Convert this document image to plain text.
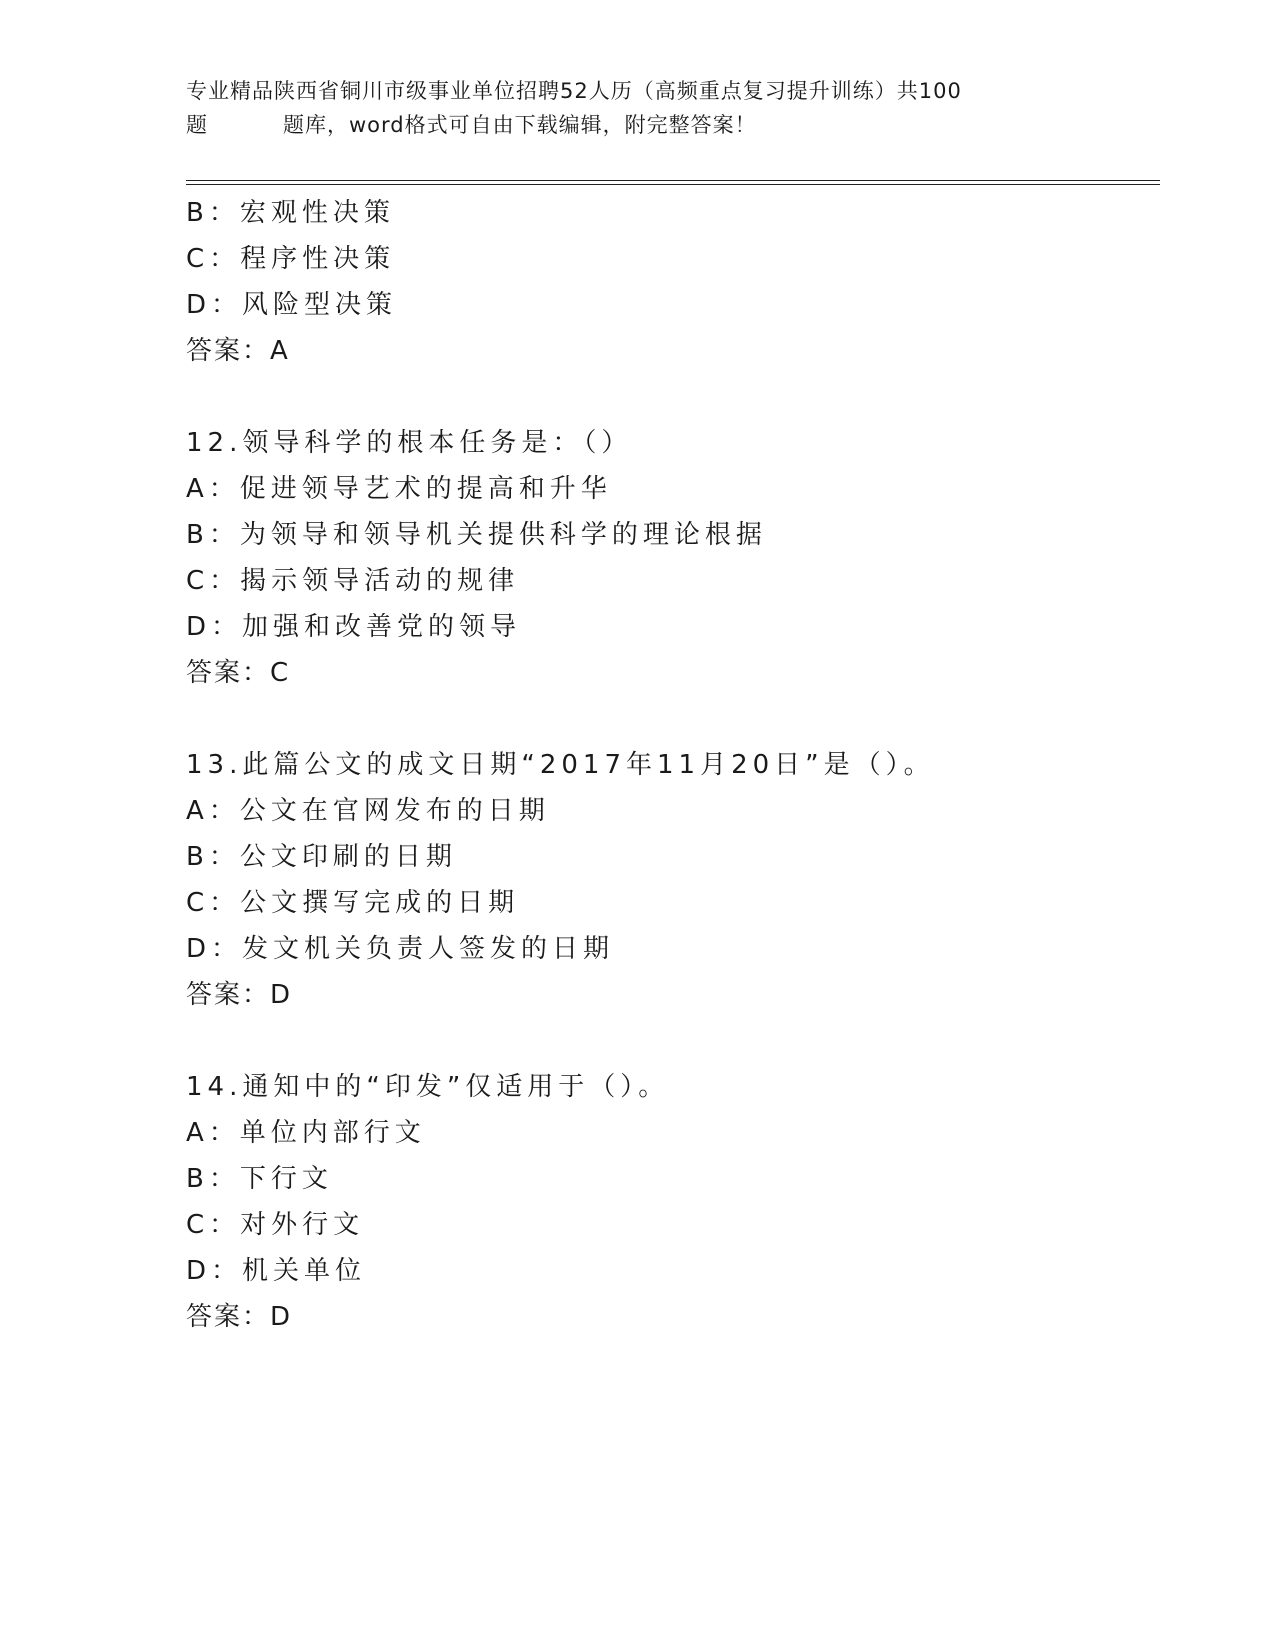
专业精品陕西省铜川市级事业单位招聘52人历（高频重点复习提升训练）共100
题	题库，word格式可自由下载编辑，附完整答案！
B：宏观性决策
C：程序性决策
D：风险型决策
答案：A
12.领导科学的根本任务是：（）
A：促进领导艺术的提高和升华
B：为领导和领导机关提供科学的理论根据
C：揭示领导活动的规律
D：加强和改善党的领导
答案：C
13.此篇公文的成文日期“2017年11月20日”是（）。
A：公文在官网发布的日期
B：公文印刷的日期
C：公文撰写完成的日期
D：发文机关负责人签发的日期
答案：D
14.通知中的“印发”仅适用于（）。
A：单位内部行文
B：下行文
C：对外行文
D：机关单位
答案：D
